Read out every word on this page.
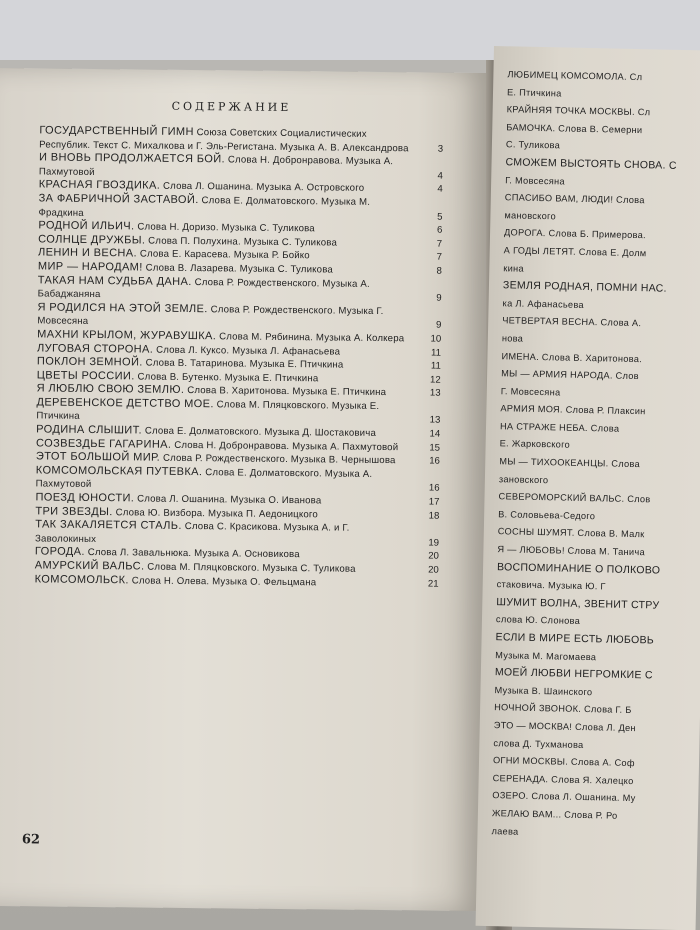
СОДЕРЖАНИЕ
ГОСУДАРСТВЕННЫЙ ГИМН Союза Советских Социалистических Республик. Текст С. Михалкова и Г. Эль-Регистана. Музыка А. В. Александрова	3
И ВНОВЬ ПРОДОЛЖАЕТСЯ БОЙ. Слова Н. Добронравова. Музыка А. Пахмутовой	4
КРАСНАЯ ГВОЗДИКА. Слова Л. Ошанина. Музыка А. Островского	4
ЗА ФАБРИЧНОЙ ЗАСТАВОЙ. Слова Е. Долматовского. Музыка М. Фрадкина	5
РОДНОЙ ИЛЬИЧ. Слова Н. Доризо. Музыка С. Туликова	6
СОЛНЦЕ ДРУЖБЫ. Слова П. Полухина. Музыка С. Туликова	7
ЛЕНИН И ВЕСНА. Слова Е. Карасева. Музыка Р. Бойко	7
МИР — НАРОДАМ! Слова В. Лазарева. Музыка С. Туликова	8
ТАКАЯ НАМ СУДЬБА ДАНА. Слова Р. Рождественского. Музыка А. Бабаджаняна	9
Я РОДИЛСЯ НА ЭТОЙ ЗЕМЛЕ. Слова Р. Рождественского. Музыка Г. Мовсесяна	9
МАХНИ КРЫЛОМ, ЖУРАВУШКА. Слова М. Рябинина. Музыка А. Колкера	10
ЛУГОВАЯ СТОРОНА. Слова Л. Куксо. Музыка Л. Афанасьева	11
ПОКЛОН ЗЕМНОЙ. Слова В. Татаринова. Музыка Е. Птичкина	11
ЦВЕТЫ РОССИИ. Слова В. Бутенко. Музыка Е. Птичкина	12
Я ЛЮБЛЮ СВОЮ ЗЕМЛЮ. Слова В. Харитонова. Музыка Е. Птичкина	13
ДЕРЕВЕНСКОЕ ДЕТСТВО МОЕ. Слова М. Пляцковского. Музыка Е. Птичкина	13
РОДИНА СЛЫШИТ. Слова Е. Долматовского. Музыка Д. Шостаковича	14
СОЗВЕЗДЬЕ ГАГАРИНА. Слова Н. Добронравова. Музыка А. Пахмутовой	15
ЭТОТ БОЛЬШОЙ МИР. Слова Р. Рождественского. Музыка В. Чернышова	16
КОМСОМОЛЬСКАЯ ПУТЕВКА. Слова Е. Долматовского. Музыка А. Пахмутовой	16
ПОЕЗД ЮНОСТИ. Слова Л. Ошанина. Музыка О. Иванова	17
ТРИ ЗВЕЗДЫ. Слова Ю. Визбора. Музыка П. Аедоницкого	18
ТАК ЗАКАЛЯЕТСЯ СТАЛЬ. Слова С. Красикова. Музыка А. и Г. Заволокиных	19
ГОРОДА. Слова Л. Завальнюка. Музыка А. Основикова	20
АМУРСКИЙ ВАЛЬС. Слова М. Пляцковского. Музыка С. Туликова	20
КОМСОМОЛЬСК. Слова Н. Олева. Музыка О. Фельцмана	21
62
ЛЮБИМЕЦ КОМСОМОЛА. Сл
Е. Птичкина
КРАЙНЯЯ ТОЧКА МОСКВЫ. Сл
БАМОЧКА. Слова В. Семерни
С. Туликова
СМОЖЕМ ВЫСТОЯТЬ СНОВА. С
Г. Мовсесяна
СПАСИБО ВАМ, ЛЮДИ! Слова
мановского
ДОРОГА. Слова Б. Примерова.
А ГОДЫ ЛЕТЯТ. Слова Е. Долм
кина
ЗЕМЛЯ РОДНАЯ, ПОМНИ НАС.
ка Л. Афанасьева
ЧЕТВЕРТАЯ ВЕСНА. Слова А.
нова
ИМЕНА. Слова В. Харитонова.
МЫ — АРМИЯ НАРОДА. Слов
Г. Мовсесяна
АРМИЯ МОЯ. Слова Р. Плаксин
НА СТРАЖЕ НЕБА. Слова
Е. Жарковского
МЫ — ТИХООКЕАНЦЫ. Слова
зановского
СЕВЕРОМОРСКИЙ ВАЛЬС. Слов
В. Соловьева-Седого
СОСНЫ ШУМЯТ. Слова В. Малк
Я — ЛЮБОВЬ! Слова М. Танича
ВОСПОМИНАНИЕ О ПОЛКОВО
стаковича. Музыка Ю. Г
ШУМИТ ВОЛНА, ЗВЕНИТ СТРУ
слова Ю. Слонова
ЕСЛИ В МИРЕ ЕСТЬ ЛЮБОВЬ
Музыка М. Магомаева
МОЕЙ ЛЮБВИ НЕГРОМКИЕ С
Музыка В. Шаинского
НОЧНОЙ ЗВОНОК. Слова Г. Б
ЭТО — МОСКВА! Слова Л. Ден
слова Д. Тухманова
ОГНИ МОСКВЫ. Слова А. Соф
СЕРЕНАДА. Слова Я. Халецко
ОЗЕРО. Слова Л. Ошанина. Му
ЖЕЛАЮ ВАМ... Слова Р. Ро
лаева
